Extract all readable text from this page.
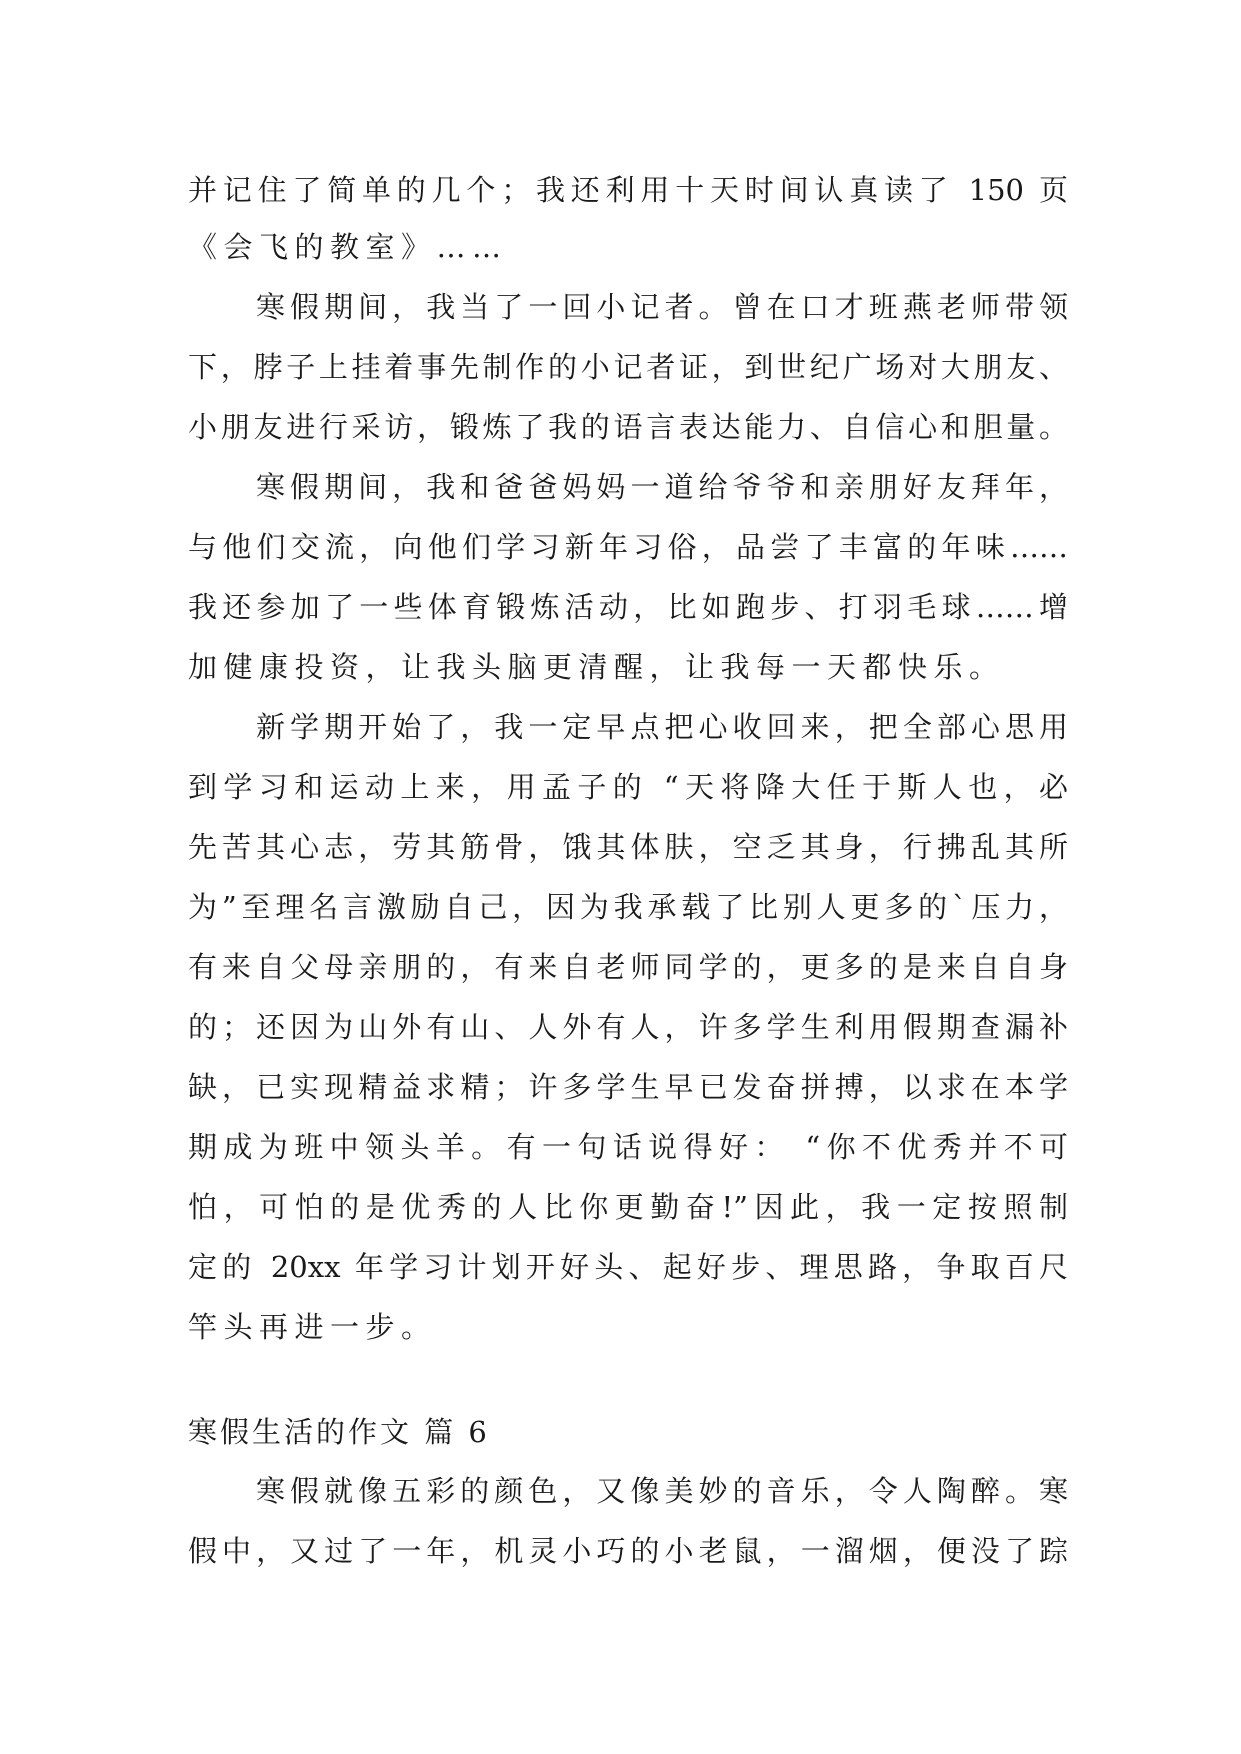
并记住了简单的几个；我还利用十天时间认真读了 150 页
《会飞的教室》……
寒假期间，我当了一回小记者。曾在口才班燕老师带领
下，脖子上挂着事先制作的小记者证，到世纪广场对大朋友、
小朋友进行采访，锻炼了我的语言表达能力、自信心和胆量。
寒假期间，我和爸爸妈妈一道给爷爷和亲朋好友拜年，
与他们交流，向他们学习新年习俗，品尝了丰富的年味……
我还参加了一些体育锻炼活动，比如跑步、打羽毛球……增
加健康投资，让我头脑更清醒，让我每一天都快乐。
新学期开始了，我一定早点把心收回来，把全部心思用
到学习和运动上来，用孟子的 “天将降大任于斯人也，必
先苦其心志，劳其筋骨，饿其体肤，空乏其身，行拂乱其所
为”至理名言激励自己，因为我承载了比别人更多的`压力，
有来自父母亲朋的，有来自老师同学的，更多的是来自自身
的；还因为山外有山、人外有人，许多学生利用假期查漏补
缺，已实现精益求精；许多学生早已发奋拼搏，以求在本学
期成为班中领头羊。有一句话说得好： “你不优秀并不可
怕，可怕的是优秀的人比你更勤奋!”因此，我一定按照制
定的 20xx 年学习计划开好头、起好步、理思路，争取百尺
竿头再进一步。
寒假生活的作文 篇 6
寒假就像五彩的颜色，又像美妙的音乐，令人陶醉。寒
假中，又过了一年，机灵小巧的小老鼠，一溜烟，便没了踪
